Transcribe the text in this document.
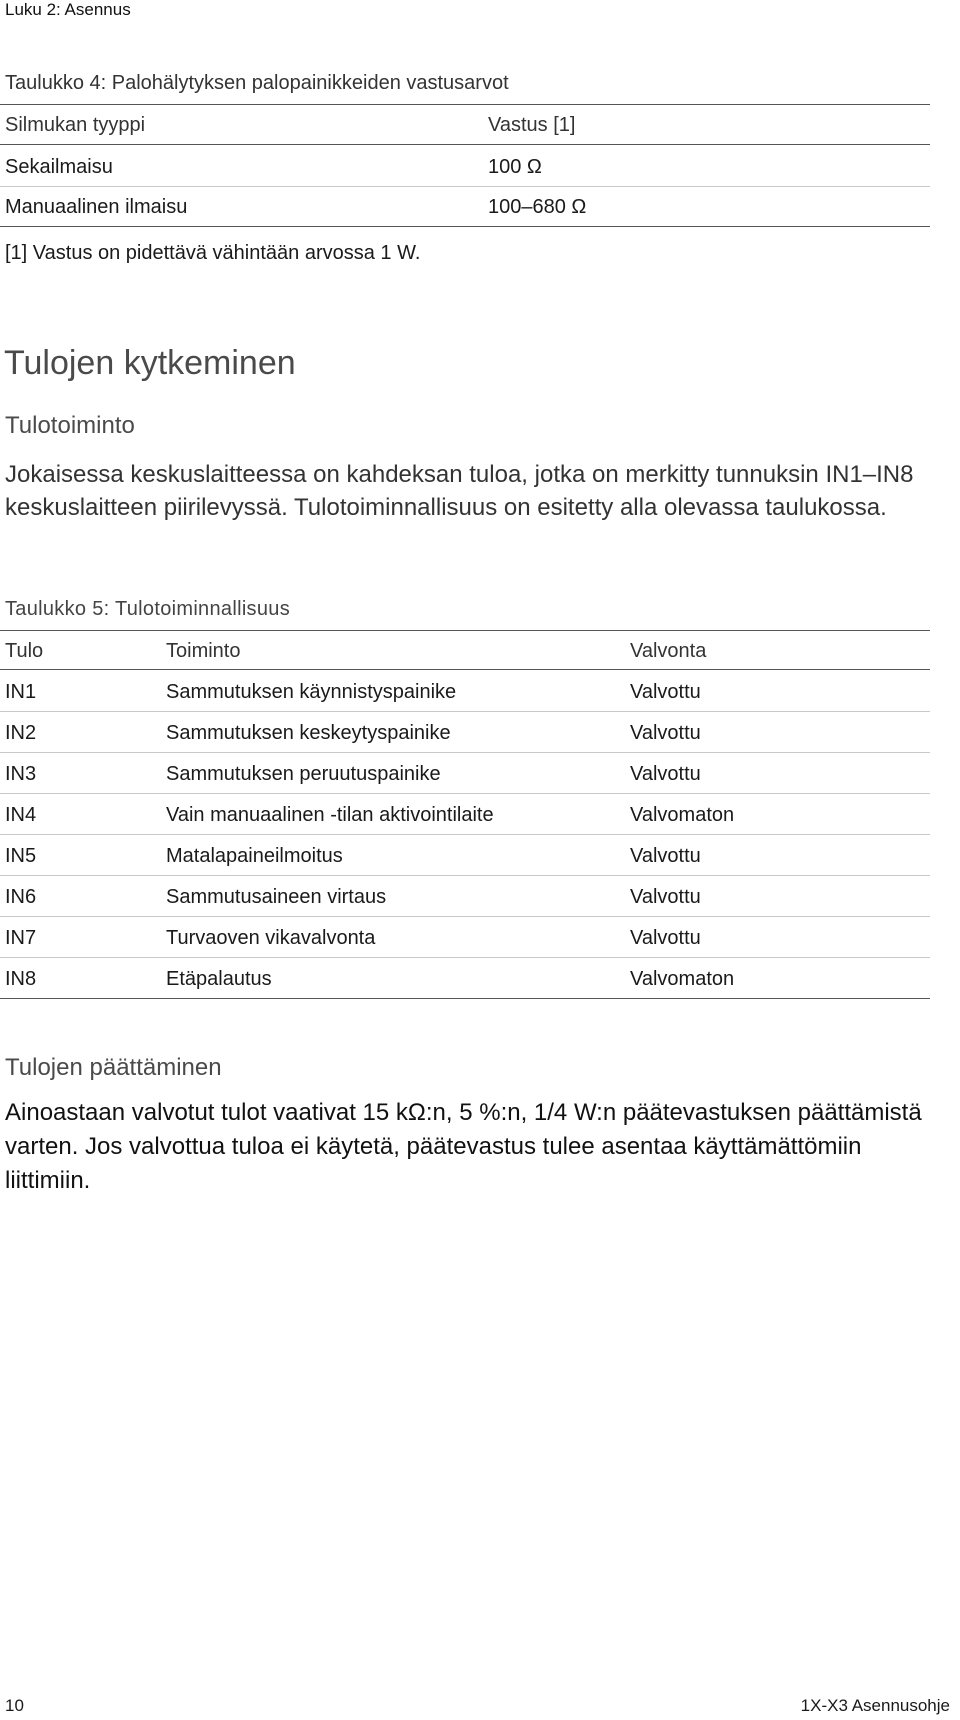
Luku 2: Asennus
Taulukko 4: Palohälytyksen palopainikkeiden vastusarvot
Silmukan tyyppi	Vastus [1]
Sekailmaisu	100 Ω
Manuaalinen ilmaisu	100–680 Ω
[1] Vastus on pidettävä vähintään arvossa 1 W.
Tulojen kytkeminen
Tulotoiminto
Jokaisessa keskuslaitteessa on kahdeksan tuloa, jotka on merkitty tunnuksin IN1–IN8 keskuslaitteen piirilevyssä. Tulotoiminnallisuus on esitetty alla olevassa taulukossa.
Taulukko 5: Tulotoiminnallisuus
Tulo	Toiminto	Valvonta
IN1	Sammutuksen käynnistyspainike	Valvottu
IN2	Sammutuksen keskeytyspainike	Valvottu
IN3	Sammutuksen peruutuspainike	Valvottu
IN4	Vain manuaalinen -tilan aktivointilaite	Valvomaton
IN5	Matalapaineilmoitus	Valvottu
IN6	Sammutusaineen virtaus	Valvottu
IN7	Turvaoven vikavalvonta	Valvottu
IN8	Etäpalautus	Valvomaton
Tulojen päättäminen
Ainoastaan valvotut tulot vaativat 15 kΩ:n, 5 %:n, 1/4 W:n päätevastuksen päättämistä varten. Jos valvottua tuloa ei käytetä, päätevastus tulee asentaa käyttämättömiin liittimiin.
10	1X-X3 Asennusohje
